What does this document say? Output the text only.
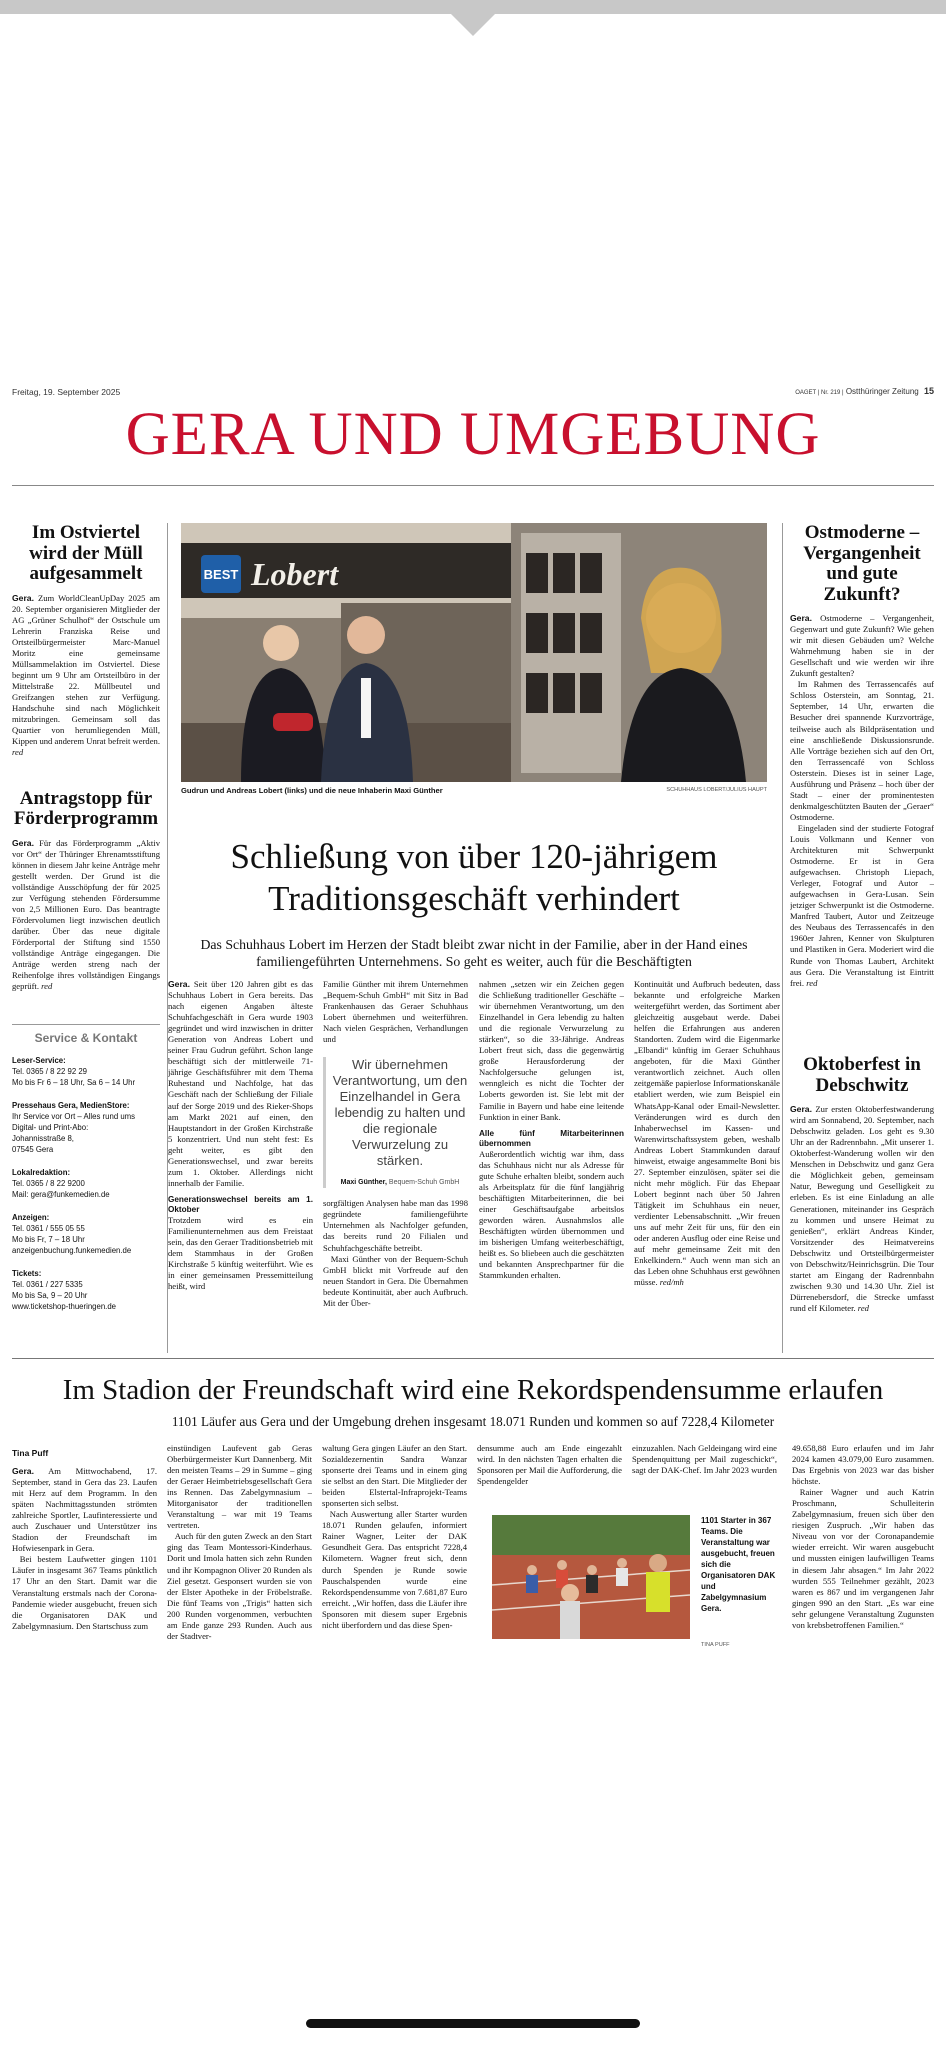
Freitag, 19. September 2025	OAGET | Nr. 219 | Ostthüringer Zeitung 15
GERA UND UMGEBUNG
Im Ostviertel wird der Müll aufgesammelt

Gera. Zum WorldCleanUpDay 2025 am 20. September organisieren Mitglieder der AG „Grüner Schulhof“ der Ostschule um Lehrerin Franziska Reise und Ortsteilbürgermeister Marc-Manuel Moritz eine gemeinsame Müllsammelaktion im Ostviertel. Diese beginnt um 9 Uhr am Ortsteilbüro in der Mittelstraße 22. Müllbeutel und Greifzangen stehen zur Verfügung. Handschuhe sind nach Möglichkeit mitzubringen. Gemeinsam soll das Quartier von herumliegenden Müll, Kippen und anderem Unrat befreit werden. red

Antragstopp für Förderprogramm

Gera. Für das Förderprogramm „Aktiv vor Ort“ der Thüringer Ehrenamtsstiftung können in diesem Jahr keine Anträge mehr gestellt werden. Der Grund ist die vollständige Ausschöpfung der für 2025 zur Verfügung stehenden Fördersumme von 2,5 Millionen Euro. Das beantragte Fördervolumen liegt inzwischen deutlich darüber. Über das neue digitale Förderportal der Stiftung sind 1550 vollständige Anträge eingegangen. Die Anträge werden streng nach der Reihenfolge ihres vollständigen Eingangs geprüft. red

Service & Kontakt
Leser-Service:
Tel. 0365 / 8 22 92 29
Mo bis Fr 6 – 18 Uhr, Sa 6 – 14 Uhr
Pressehaus Gera, MedienStore:
Ihr Service vor Ort – Alles rund ums
Digital- und Print-Abo:
Johannisstraße 8,
07545 Gera
Lokalredaktion:
Tel. 0365 / 8 22 9200
Mail: gera@funkemedien.de
Anzeigen:
Tel. 0361 / 555 05 55
Mo bis Fr, 7 – 18 Uhr
anzeigenbuchung.funkemedien.de
Tickets:
Tel. 0361 / 227 5335
Mo bis Sa, 9 – 20 Uhr
www.ticketshop-thueringen.de
Ostmoderne – Vergangenheit und gute Zukunft?

Gera. Ostmoderne – Vergangenheit, Gegenwart und gute Zukunft? Wie gehen wir mit diesen Gebäuden um? Welche Wahrnehmung haben sie in der Gesellschaft und wie werden wir ihre Zukunft gestalten?

Im Rahmen des Terrassencafés auf Schloss Osterstein, am Sonntag, 21. September, 14 Uhr, erwarten die Besucher drei spannende Kurzvorträge, teilweise auch als Bildpräsentation und eine anschließende Diskussionsrunde. Alle Vorträge beziehen sich auf den Ort, den Terrassencafé von Schloss Osterstein. Dieses ist in seiner Lage, Ausführung und Präsenz – hoch über der Stadt – einer der prominentesten denkmalgeschützten Bauten der „Geraer“ Ostmoderne.

Eingeladen sind der studierte Fotograf Louis Volkmann und Kenner von Architekturen mit Schwerpunkt Ostmoderne. Er ist in Gera aufgewachsen. Christoph Liepach, Verleger, Fotograf und Autor – aufgewachsen in Gera-Lusan. Sein jetziger Schwerpunkt ist die Ostmoderne. Manfred Taubert, Autor und Zeitzeuge des Neubaus des Terrassencafés in den 1960er Jahren, Kenner von Skulpturen und Plastiken in Gera. Moderiert wird die Runde von Thomas Laubert, Architekt aus Gera. Die Veranstaltung ist Eintritt frei. red

Oktoberfest in Debschwitz

Gera. Zur ersten Oktoberfestwanderung wird am Sonnabend, 20. September, nach Debschwitz geladen. Los geht es 9.30 Uhr an der Radrennbahn. „Mit unserer 1. Oktoberfest-Wanderung wollen wir den Menschen in Debschwitz und ganz Gera die Möglichkeit geben, gemeinsam Natur, Bewegung und Geselligkeit zu erleben. Es ist eine Einladung an alle Generationen, miteinander ins Gespräch zu kommen und unsere Heimat zu genießen“, erklärt Andreas Kinder, Vorsitzender des Heimatvereins Debschwitz und Ortsteilbürgermeister von Debschwitz/Heinrichsgrün. Die Tour startet am Eingang der Radrennbahn zwischen 9.30 und 14.30 Uhr. Ziel ist Dürrenebersdorf, die Strecke umfasst rund elf Kilometer. red

BEST Lobert
Gudrun und Andreas Lobert (links) und die neue Inhaberin Maxi Günther	SCHUHHAUS LOBERT/JULIUS HAUPT
Schließung von über 120-jährigem Traditionsgeschäft verhindert
Das Schuhhaus Lobert im Herzen der Stadt bleibt zwar nicht in der Familie, aber in der Hand eines familiengeführten Unternehmens. So geht es weiter, auch für die Beschäftigten

Gera. Seit über 120 Jahren gibt es das Schuhhaus Lobert in Gera bereits. Das nach eigenen Angaben älteste Schuhfachgeschäft in Gera wurde 1903 gegründet und wird inzwischen in dritter Generation von Andreas Lobert und seiner Frau Gudrun geführt. Schon lange beschäftigt sich der mittlerweile 71-jährige Geschäftsführer mit dem Thema Ruhestand und Nachfolge, hat das Geschäft nach der Schließung der Filiale auf der Sorge 2019 und des Rieker-Shops am Markt 2021 auf einen, den Hauptstandort in der Großen Kirchstraße 5 konzentriert. Und nun steht fest: Es geht weiter, es gibt den Generationswechsel, und zwar bereits zum 1. Oktober. Allerdings nicht innerhalb der Familie.

Generationswechsel bereits am 1. Oktober

Trotzdem wird es ein Familienunternehmen aus dem Freistaat sein, das den Geraer Traditionsbetrieb mit dem Stammhaus in der Großen Kirchstraße 5 künftig weiterführt. Wie es in einer gemeinsamen Pressemitteilung heißt, wird

Familie Günther mit ihrem Unternehmen „Bequem-Schuh GmbH“ mit Sitz in Bad Frankenhausen das Geraer Schuhhaus Lobert übernehmen und weiterführen. Nach vielen Gesprächen, Verhandlungen und

Wir übernehmen Verantwortung, um den Einzelhandel in Gera lebendig zu halten und die regionale Verwurzelung zu stärken.
Maxi Günther, Bequem-Schuh GmbH

sorgfältigen Analysen habe man das 1998 gegründete familiengeführte Unternehmen als Nachfolger gefunden, das bereits rund 20 Filialen und Schuhfachgeschäfte betreibt.

Maxi Günther von der Bequem-Schuh GmbH blickt mit Vorfreude auf den neuen Standort in Gera. Die Übernahmen bedeute Kontinuität, aber auch Aufbruch. Mit der Über-

nahmen „setzen wir ein Zeichen gegen die Schließung traditioneller Geschäfte – wir übernehmen Verantwortung, um den Einzelhandel in Gera lebendig zu halten und die regionale Verwurzelung zu stärken“, so die 33-Jährige. Andreas Lobert freut sich, dass die gegenwärtig große Herausforderung der Nachfolgersuche gelungen ist, wenngleich es nicht die Tochter der Loberts geworden ist. Sie lebt mit der Familie in Bayern und habe eine leitende Funktion in einer Bank.

Alle fünf Mitarbeiterinnen übernommen

Außerordentlich wichtig war ihm, dass das Schuhhaus nicht nur als Adresse für gute Schuhe erhalten bleibt, sondern auch als Arbeitsplatz für die fünf langjährig beschäftigten Mitarbeiterinnen, die bei einer Geschäftsaufgabe arbeitslos geworden wären. Ausnahmslos alle Beschäftigten würden übernommen und im bisherigen Umfang weiterbeschäftigt, heißt es. So bliebeen auch die geschätzten und bekannten Ansprechpartner für die Stammkunden erhalten.

Kontinuität und Aufbruch bedeuten, dass bekannte und erfolgreiche Marken weitergeführt werden, das Sortiment aber gleichzeitig ausgebaut werde. Dabei helfen die Erfahrungen aus anderen Standorten. Zudem wird die Eigenmarke „Elbandi“ künftig im Geraer Schuhhaus angeboten, für die Maxi Günther verantwortlich zeichnet. Auch ollen zeitgemäße papierlose Informationskanäle etabliert werden, wie zum Beispiel ein WhatsApp-Kanal oder Email-Newsletter. Veränderungen wird es durch den Inhaberwechsel im Kassen- und Warenwirtschaftssystem geben, weshalb Andreas Lobert Stammkunden darauf hinweist, etwaige angesammelte Boni bis 27. September einzulösen, später sei die nicht mehr möglich. Für das Ehepaar Lobert beginnt nach über 50 Jahren Tätigkeit im Schuhhaus ein neuer, verdienter Lebensabschnitt. „Wir freuen uns auf mehr Zeit für uns, für den ein oder anderen Ausflug oder eine Reise und auf mehr gemeinsame Zeit mit den Enkelkindern.“ Auch wenn man sich an das Leben ohne Schuhhaus erst gewöhnen müsse. red/mh

Im Stadion der Freundschaft wird eine Rekordspendensumme erlaufen
1101 Läufer aus Gera und der Umgebung drehen insgesamt 18.071 Runden und kommen so auf 7228,4 Kilometer
Tina Puff

Gera. Am Mittwochabend, 17. September, stand in Gera das 23. Laufen mit Herz auf dem Programm. In den späten Nachmittagsstunden strömten zahlreiche Sportler, Laufinteressierte und auch Zuschauer und Unterstützer ins Stadion der Freundschaft im Hofwiesenpark in Gera.

Bei bestem Laufwetter gingen 1101 Läufer in insgesamt 367 Teams pünktlich 17 Uhr an den Start. Damit war die Veranstaltung erstmals nach der Corona-Pandemie wieder ausgebucht, freuen sich die Organisatoren DAK und Zabelgymnasium. Den Startschuss zum

einstündigen Laufevent gab Geras Oberbürgermeister Kurt Dannenberg. Mit den meisten Teams – 29 in Summe – ging der Geraer Heimbetriebsgesellschaft Gera ins Rennen. Das Zabelgymnasium – Mitorganisator der traditionellen Veranstaltung – war mit 19 Teams vertreten.

Auch für den guten Zweck an den Start ging das Team Montessori-Kinderhaus. Dorit und Imola hatten sich zehn Runden und ihr Kompagnon Oliver 20 Runden als Ziel gesetzt. Gesponsert wurden sie von der Elster Apotheke in der Fröbelstraße. Die fünf Teams von „Trigis“ hatten sich 200 Runden vorgenommen, verbuchten am Ende ganze 293 Runden. Auch aus der Stadtver-

waltung Gera gingen Läufer an den Start. Sozialdezernentin Sandra Wanzar sponserte drei Teams und in einem ging sie selbst an den Start. Die Mitglieder der beiden Elstertal-Infraprojekt-Teams sponserten sich selbst.

Nach Auswertung aller Starter wurden 18.071 Runden gelaufen, informiert Rainer Wagner, Leiter der DAK Gesundheit Gera. Das entspricht 7228,4 Kilometern. Wagner freut sich, denn durch Spenden je Runde sowie Pauschalspenden wurde eine Rekordspendensumme von 7.681,87 Euro erreicht. „Wir hoffen, dass die Läufer ihre Sponsoren mit diesem super Ergebnis nicht überfordern und das diese Spen-

densumme auch am Ende eingezahlt wird. In den nächsten Tagen erhalten die Sponsoren per Mail die Aufforderung, die Spendengelder

einzuzahlen. Nach Geldeingang wird eine Spendenquittung per Mail zugeschickt“, sagt der DAK-Chef. Im Jahr 2023 wurden

1101 Starter in 367 Teams. Die Veranstaltung war ausgebucht, freuen sich die Organisatoren DAK und Zabelgymnasium Gera.
TINA PUFF

49.658,88 Euro erlaufen und im Jahr 2024 kamen 43.079,00 Euro zusammen. Das Ergebnis von 2023 war das bisher höchste.

Rainer Wagner und auch Katrin Proschmann, Schulleiterin Zabelgymnasium, freuen sich über den riesigen Zuspruch. „Wir haben das Niveau von vor der Coronapandemie wieder erreicht. Wir waren ausgebucht und mussten einigen laufwilligen Teams in diesem Jahr absagen.“ Im Jahr 2022 wurden 555 Teilnehmer gezählt, 2023 waren es 867 und im vergangenen Jahr gingen 990 an den Start. „Es war eine sehr gelungene Veranstaltung Zugunsten von krebsbetroffenen Familien.“
